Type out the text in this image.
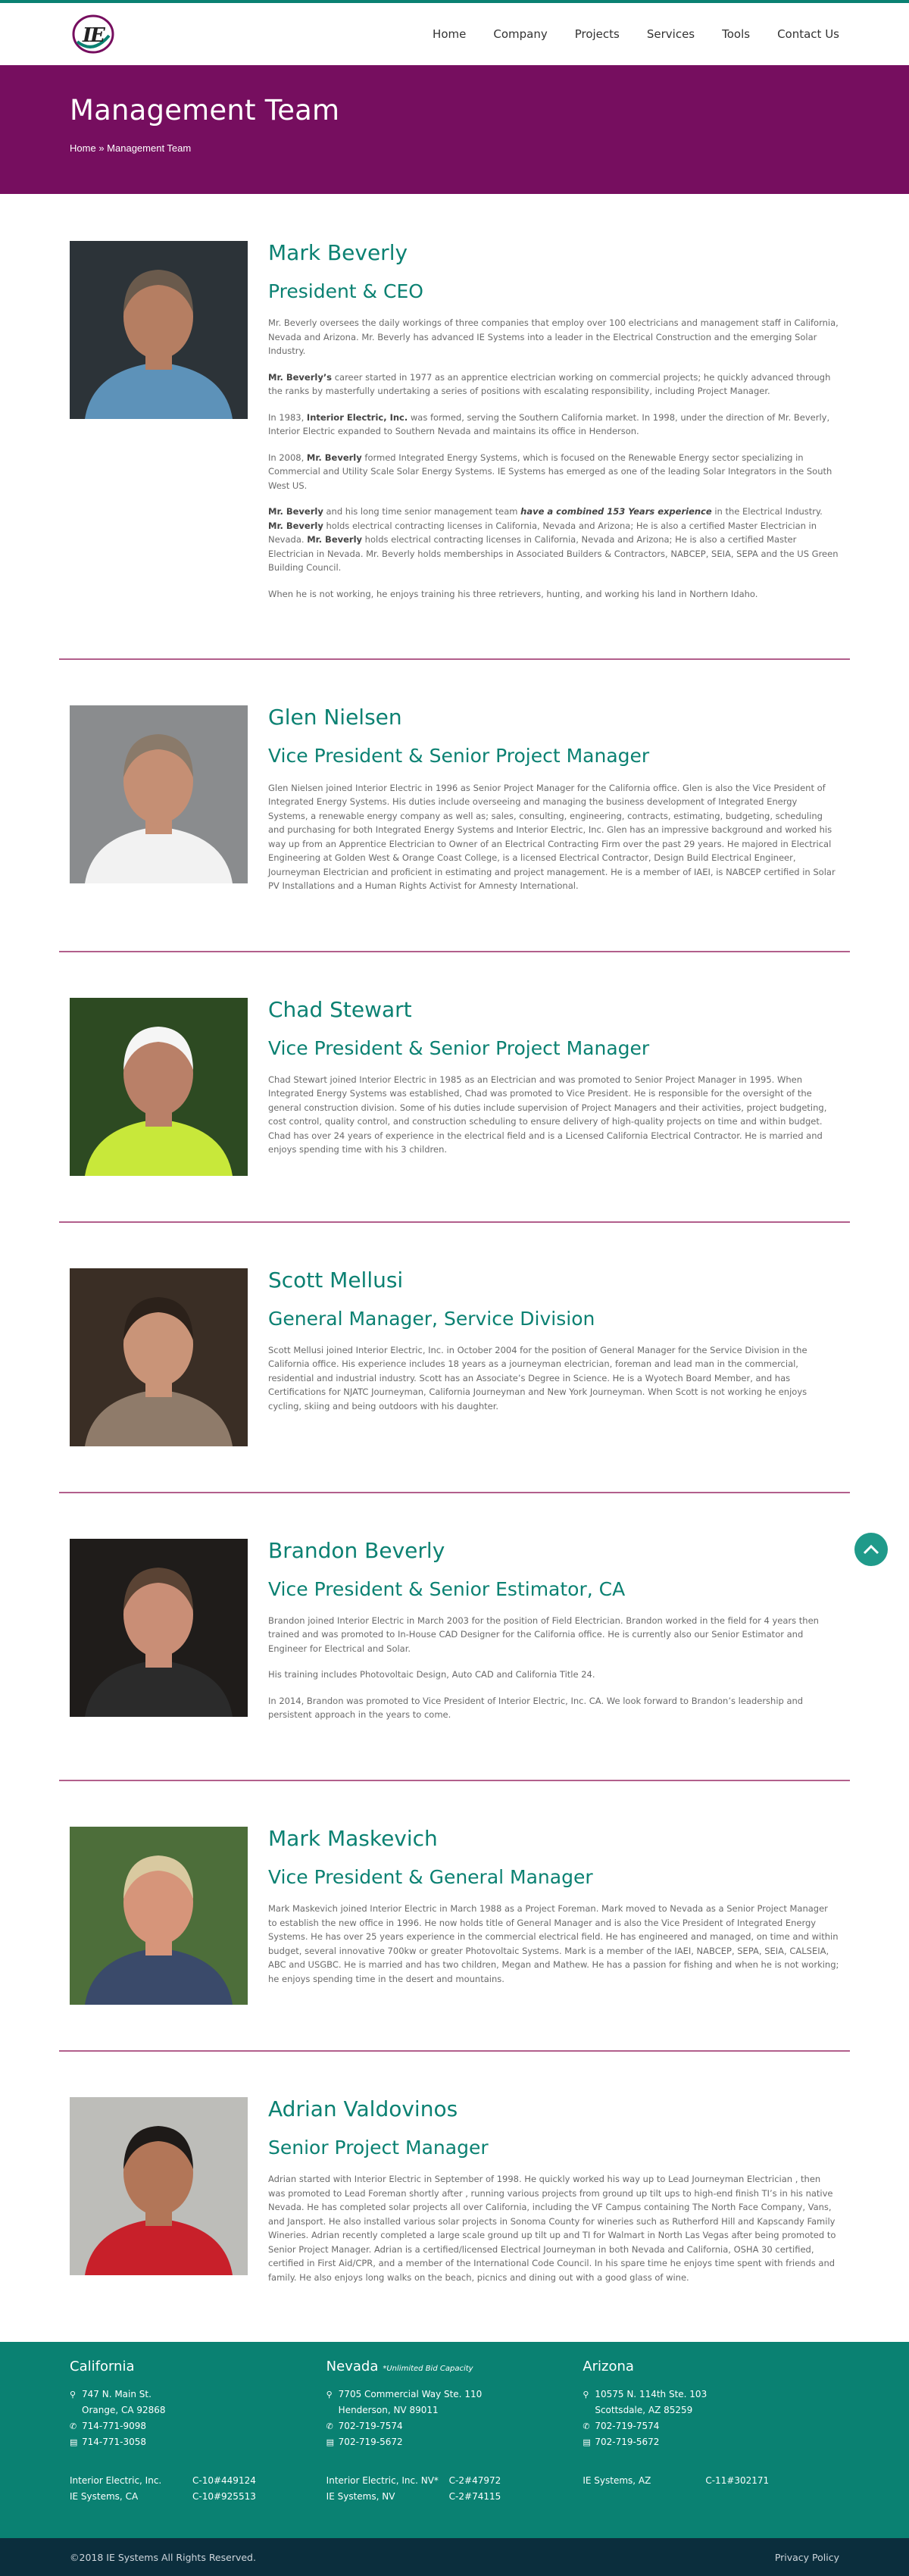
I
E	Home Company Projects Services Tools Contact Us
Management Team
Home » Management Team
Mark Beverly
President & CEO

Mr. Beverly oversees the daily workings of three companies that employ over 100 electricians and management staff in California, Nevada and Arizona. Mr. Beverly has advanced IE Systems into a leader in the Electrical Construction and the emerging Solar Industry.

Mr. Beverly’s career started in 1977 as an apprentice electrician working on commercial projects; he quickly advanced through the ranks by masterfully undertaking a series of positions with escalating responsibility, including Project Manager.

In 1983, Interior Electric, Inc. was formed, serving the Southern California market. In 1998, under the direction of Mr. Beverly, Interior Electric expanded to Southern Nevada and maintains its office in Henderson.

In 2008, Mr. Beverly formed Integrated Energy Systems, which is focused on the Renewable Energy sector specializing in Commercial and Utility Scale Solar Energy Systems. IE Systems has emerged as one of the leading Solar Integrators in the South West US.

Mr. Beverly and his long time senior management team have a combined 153 Years experience in the Electrical Industry. Mr. Beverly holds electrical contracting licenses in California, Nevada and Arizona; He is also a certified Master Electrician in Nevada. Mr. Beverly holds electrical contracting licenses in California, Nevada and Arizona; He is also a certified Master Electrician in Nevada. Mr. Beverly holds memberships in Associated Builders & Contractors, NABCEP, SEIA, SEPA and the US Green Building Council.

When he is not working, he enjoys training his three retrievers, hunting, and working his land in Northern Idaho.

Glen Nielsen
Vice President & Senior Project Manager

Glen Nielsen joined Interior Electric in 1996 as Senior Project Manager for the California office. Glen is also the Vice President of Integrated Energy Systems. His duties include overseeing and managing the business development of Integrated Energy Systems, a renewable energy company as well as; sales, consulting, engineering, contracts, estimating, budgeting, scheduling and purchasing for both Integrated Energy Systems and Interior Electric, Inc. Glen has an impressive background and worked his way up from an Apprentice Electrician to Owner of an Electrical Contracting Firm over the past 29 years. He majored in Electrical Engineering at Golden West & Orange Coast College, is a licensed Electrical Contractor, Design Build Electrical Engineer, Journeyman Electrician and proficient in estimating and project management. He is a member of IAEI, is NABCEP certified in Solar PV Installations and a Human Rights Activist for Amnesty International.

Chad Stewart
Vice President & Senior Project Manager

Chad Stewart joined Interior Electric in 1985 as an Electrician and was promoted to Senior Project Manager in 1995. When Integrated Energy Systems was established, Chad was promoted to Vice President. He is responsible for the oversight of the general construction division. Some of his duties include supervision of Project Managers and their activities, project budgeting, cost control, quality control, and construction scheduling to ensure delivery of high-quality projects on time and within budget. Chad has over 24 years of experience in the electrical field and is a Licensed California Electrical Contractor. He is married and enjoys spending time with his 3 children.

Scott Mellusi
General Manager, Service Division

Scott Mellusi joined Interior Electric, Inc. in October 2004 for the position of General Manager for the Service Division in the California office. His experience includes 18 years as a journeyman electrician, foreman and lead man in the commercial, residential and industrial industry. Scott has an Associate’s Degree in Science. He is a Wyotech Board Member, and has Certifications for NJATC Journeyman, California Journeyman and New York Journeyman. When Scott is not working he enjoys cycling, skiing and being outdoors with his daughter.

Brandon Beverly
Vice President & Senior Estimator, CA

Brandon joined Interior Electric in March 2003 for the position of Field Electrician. Brandon worked in the field for 4 years then trained and was promoted to In-House CAD Designer for the California office. He is currently also our Senior Estimator and Engineer for Electrical and Solar.

His training includes Photovoltaic Design, Auto CAD and California Title 24.

In 2014, Brandon was promoted to Vice President of Interior Electric, Inc. CA. We look forward to Brandon’s leadership and persistent approach in the years to come.

Mark Maskevich
Vice President & General Manager

Mark Maskevich joined Interior Electric in March 1988 as a Project Foreman. Mark moved to Nevada as a Senior Project Manager to establish the new office in 1996. He now holds title of General Manager and is also the Vice President of Integrated Energy Systems. He has over 25 years experience in the commercial electrical field. He has engineered and managed, on time and within budget, several innovative 700kw or greater Photovoltaic Systems. Mark is a member of the IAEI, NABCEP, SEPA, SEIA, CALSEIA, ABC and USGBC. He is married and has two children, Megan and Mathew. He has a passion for fishing and when he is not working; he enjoys spending time in the desert and mountains.

Adrian Valdovinos
Senior Project Manager

Adrian started with Interior Electric in September of 1998. He quickly worked his way up to Lead Journeyman Electrician , then was promoted to Lead Foreman shortly after , running various projects from ground up tilt ups to high-end finish TI’s in his native Nevada. He has completed solar projects all over California, including the VF Campus containing The North Face Company, Vans, and Jansport. He also installed various solar projects in Sonoma County for wineries such as Rutherford Hill and Kapscandy Family Wineries. Adrian recently completed a large scale ground up tilt up and TI for Walmart in North Las Vegas after being promoted to Senior Project Manager. Adrian is a certified/licensed Electrical Journeyman in both Nevada and California, OSHA 30 certified, certified in First Aid/CPR, and a member of the International Code Council. In his spare time he enjoys time spent with friends and family. He also enjoys long walks on the beach, picnics and dining out with a good glass of wine.

California
⚲ 747 N. Main St.
Orange, CA 92868
✆ 714-771-9098
▤ 714-771-3058
Interior Electric, Inc.	C-10#449124
IE Systems, CA	C-10#925513
Nevada *Unlimited Bid Capacity
⚲ 7705 Commercial Way Ste. 110
Henderson, NV 89011
✆ 702-719-7574
▤ 702-719-5672
Interior Electric, Inc. NV*	C-2#47972
IE Systems, NV	C-2#74115
Arizona
⚲ 10575 N. 114th Ste. 103
Scottsdale, AZ 85259
✆ 702-719-7574
▤ 702-719-5672
IE Systems, AZ	C-11#302171
©2018 IE Systems All Rights Reserved.	Privacy Policy
